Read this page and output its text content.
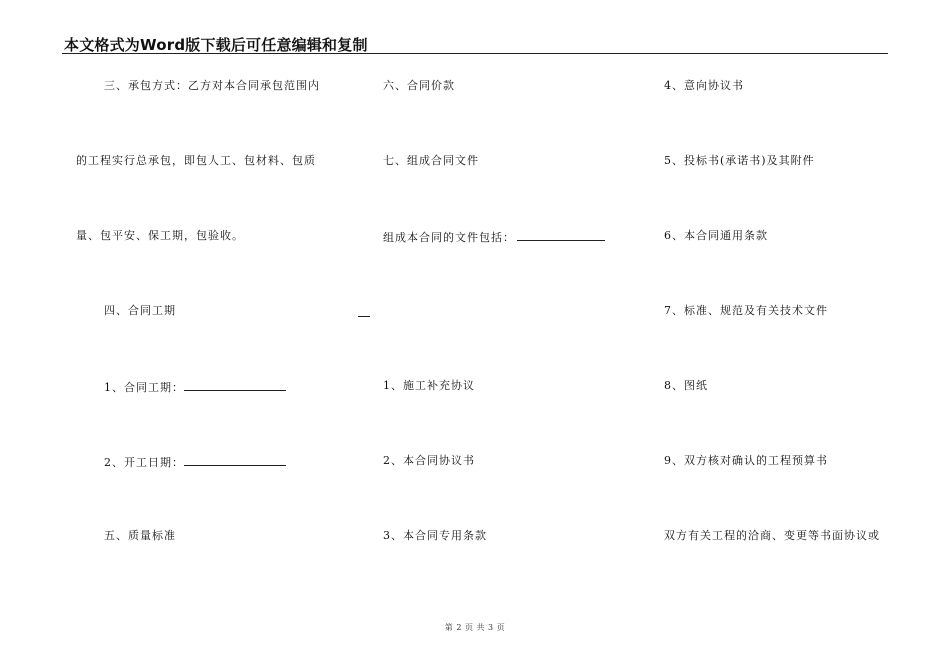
本文格式为Word版下载后可任意编辑和复制
三、承包方式：乙方对本合同承包范围内
的工程实行总承包，即包人工、包材料、包质
量、包平安、保工期，包验收。
四、合同工期
1、合同工期：
2、开工日期：
五、质量标准
六、合同价款
七、组成合同文件
组成本合同的文件包括：
1、施工补充协议
2、本合同协议书
3、本合同专用条款
4、意向协议书
5、投标书(承诺书)及其附件
6、本合同通用条款
7、标准、规范及有关技术文件
8、图纸
9、双方核对确认的工程预算书
双方有关工程的洽商、变更等书面协议或
第 2 页 共 3 页
